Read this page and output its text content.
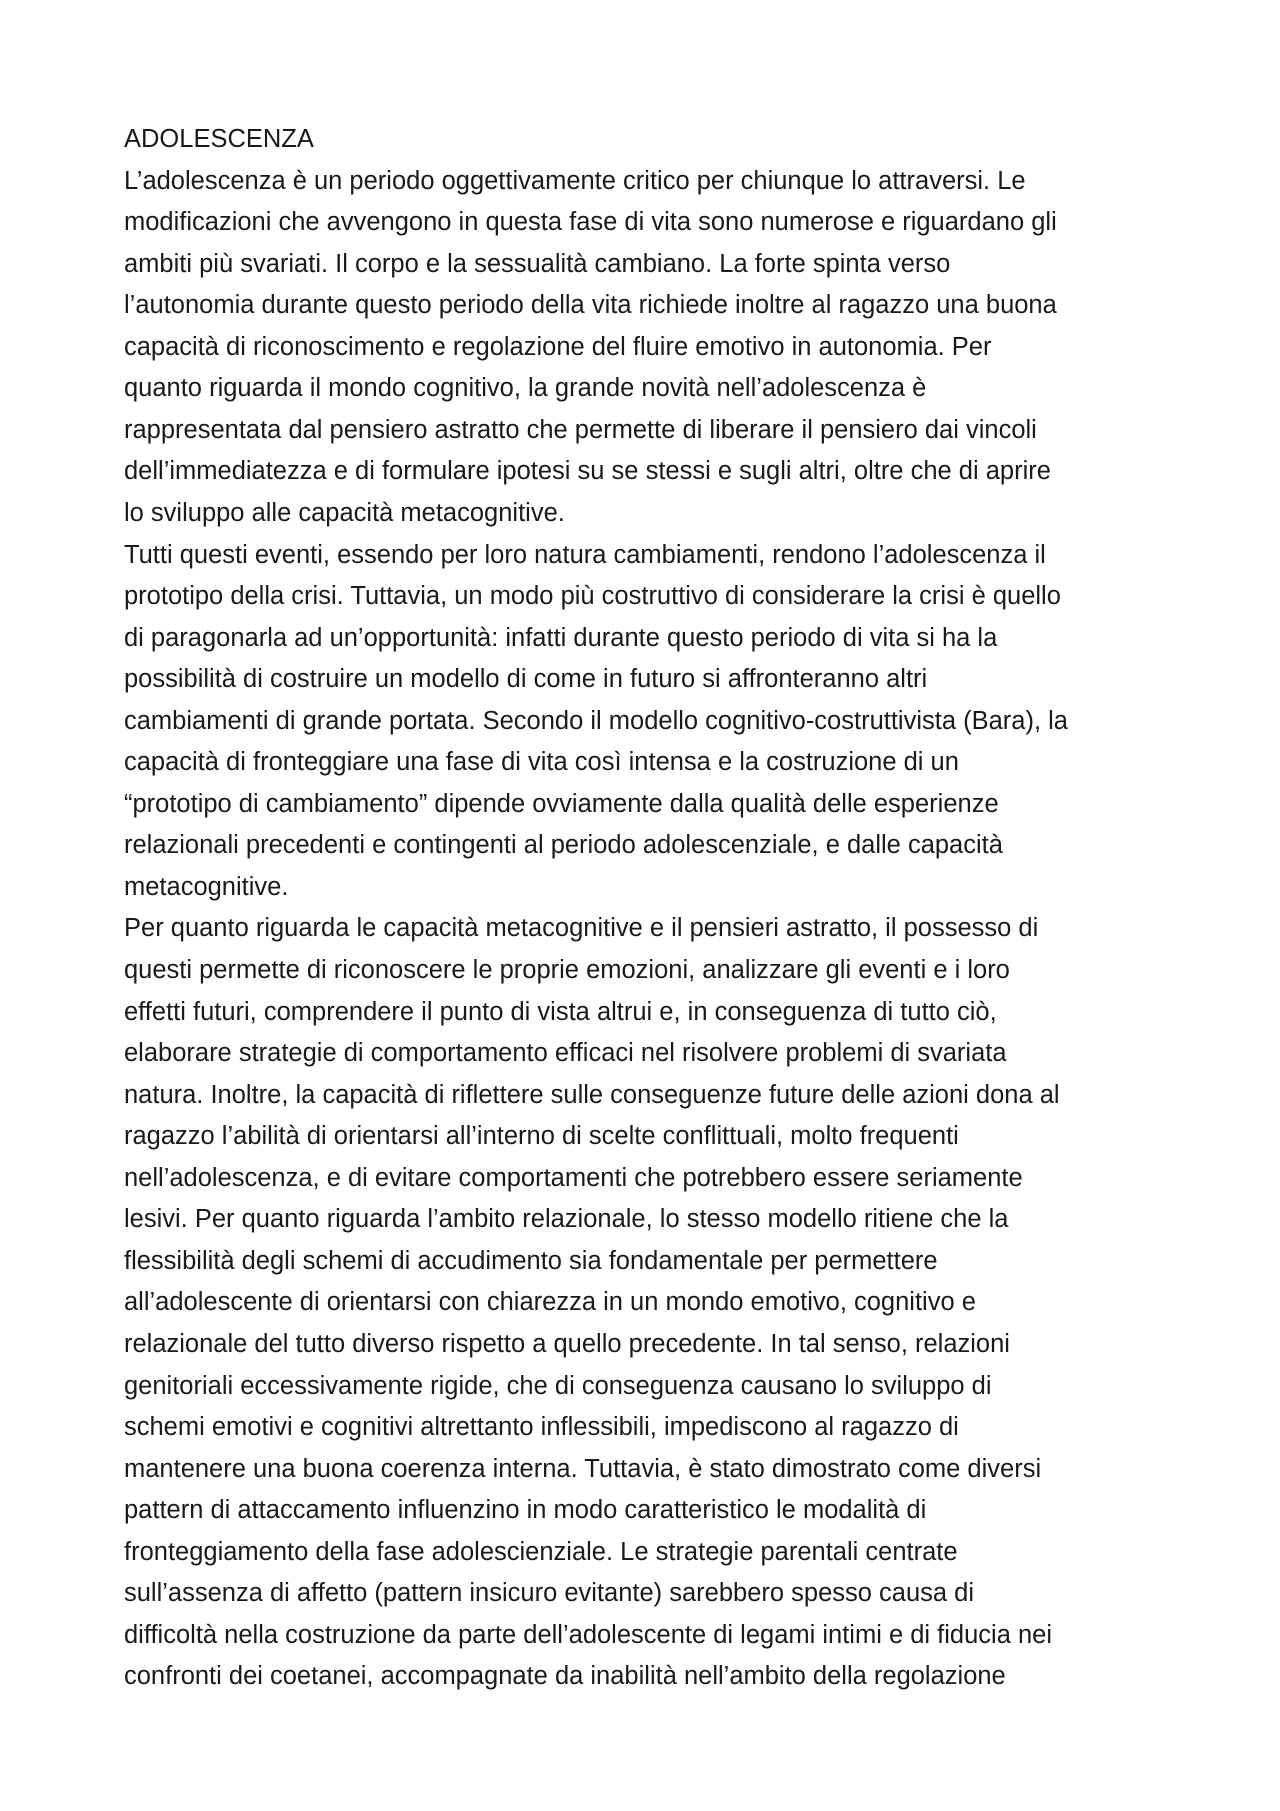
ADOLESCENZA
L’adolescenza è un periodo oggettivamente critico per chiunque lo attraversi. Le
modificazioni che avvengono in questa fase di vita sono numerose e riguardano gli
ambiti più svariati. Il corpo e la sessualità cambiano. La forte spinta verso
l’autonomia durante questo periodo della vita richiede inoltre al ragazzo una buona
capacità di riconoscimento e regolazione del fluire emotivo in autonomia. Per
quanto riguarda il mondo cognitivo, la grande novità nell’adolescenza è
rappresentata dal pensiero astratto che permette di liberare il pensiero dai vincoli
dell’immediatezza e di formulare ipotesi su se stessi e sugli altri, oltre che di aprire
lo sviluppo alle capacità metacognitive.
Tutti questi eventi, essendo per loro natura cambiamenti, rendono l’adolescenza il
prototipo della crisi. Tuttavia, un modo più costruttivo di considerare la crisi è quello
di paragonarla ad un’opportunità: infatti durante questo periodo di vita si ha la
possibilità di costruire un modello di come in futuro si affronteranno altri
cambiamenti di grande portata. Secondo il modello cognitivo-costruttivista (Bara), la
capacità di fronteggiare una fase di vita così intensa e la costruzione di un
“prototipo di cambiamento” dipende ovviamente dalla qualità delle esperienze
relazionali precedenti e contingenti al periodo adolescenziale, e dalle capacità
metacognitive.
Per quanto riguarda le capacità metacognitive e il pensieri astratto, il possesso di
questi permette di riconoscere le proprie emozioni, analizzare gli eventi e i loro
effetti futuri, comprendere il punto di vista altrui e, in conseguenza di tutto ciò,
elaborare strategie di comportamento efficaci nel risolvere problemi di svariata
natura. Inoltre, la capacità di riflettere sulle conseguenze future delle azioni dona al
ragazzo l’abilità di orientarsi all’interno di scelte conflittuali, molto frequenti
nell’adolescenza, e di evitare comportamenti che potrebbero essere seriamente
lesivi. Per quanto riguarda l’ambito relazionale, lo stesso modello ritiene che la
flessibilità degli schemi di accudimento sia fondamentale per permettere
all’adolescente di orientarsi con chiarezza in un mondo emotivo, cognitivo e
relazionale del tutto diverso rispetto a quello precedente. In tal senso, relazioni
genitoriali eccessivamente rigide, che di conseguenza causano lo sviluppo di
schemi emotivi e cognitivi altrettanto inflessibili, impediscono al ragazzo di
mantenere una buona coerenza interna. Tuttavia, è stato dimostrato come diversi
pattern di attaccamento influenzino in modo caratteristico le modalità di
fronteggiamento della fase adolescienziale. Le strategie parentali centrate
sull’assenza di affetto (pattern insicuro evitante) sarebbero spesso causa di
difficoltà nella costruzione da parte dell’adolescente di legami intimi e di fiducia nei
confronti dei coetanei, accompagnate da inabilità nell’ambito della regolazione
